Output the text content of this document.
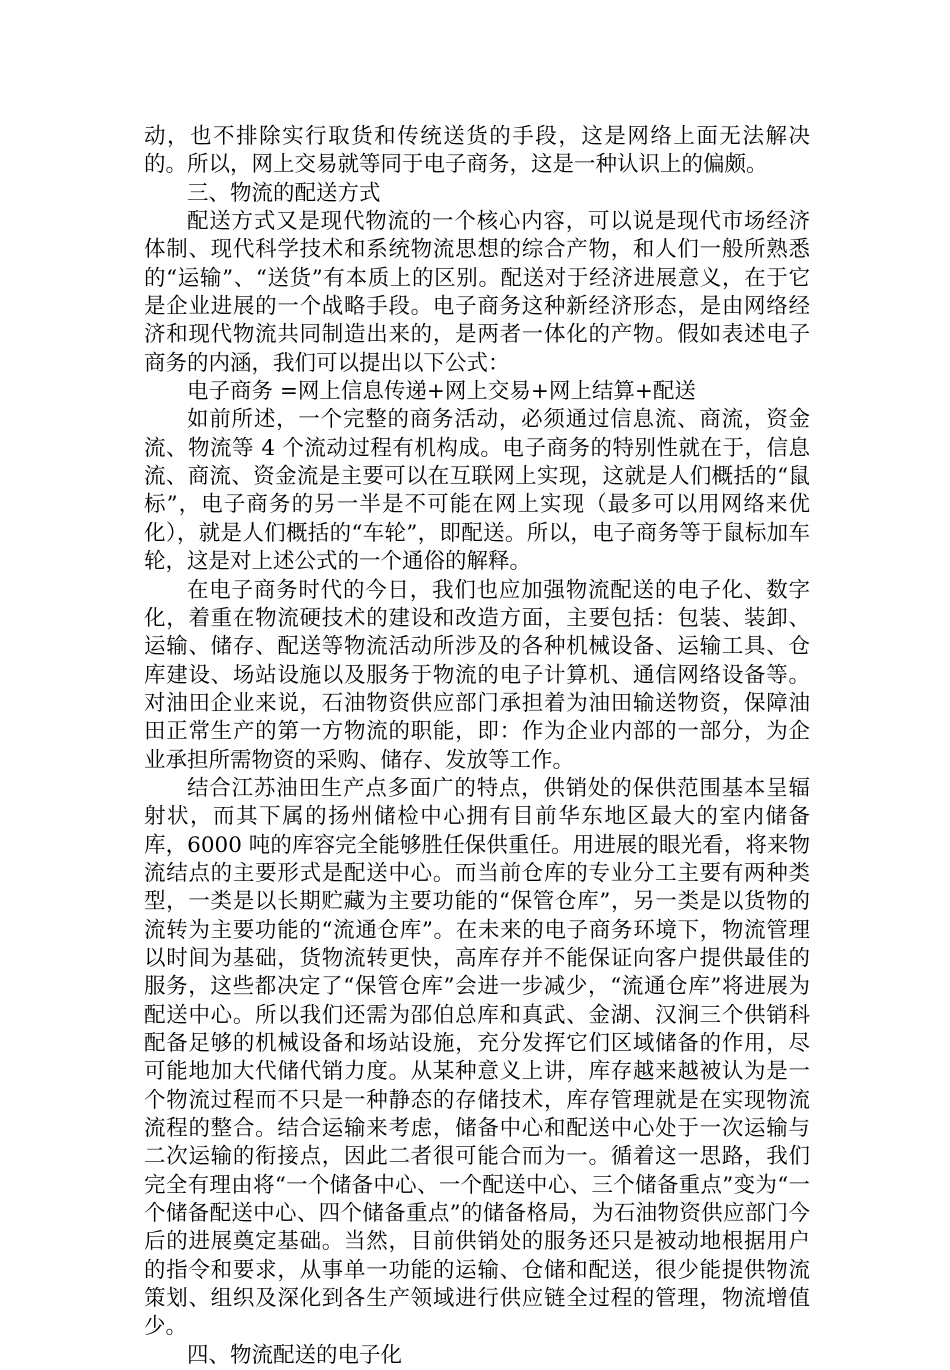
动，也不排除实行取货和传统送货的手段，这是网络上面无法解决的。所以，网上交易就等同于电子商务，这是一种认识上的偏颇。

三、物流的配送方式

配送方式又是现代物流的一个核心内容，可以说是现代市场经济体制、现代科学技术和系统物流思想的综合产物，和人们一般所熟悉的“运输”、“送货”有本质上的区别。配送对于经济进展意义，在于它是企业进展的一个战略手段。电子商务这种新经济形态，是由网络经济和现代物流共同制造出来的，是两者一体化的产物。假如表述电子商务的内涵，我们可以提出以下公式：

电子商务 =网上信息传递+网上交易+网上结算+配送

如前所述，一个完整的商务活动，必须通过信息流、商流，资金流、物流等 4 个流动过程有机构成。电子商务的特别性就在于，信息流、商流、资金流是主要可以在互联网上实现，这就是人们概括的“鼠标”，电子商务的另一半是不可能在网上实现（最多可以用网络来优化），就是人们概括的“车轮”，即配送。所以，电子商务等于鼠标加车轮，这是对上述公式的一个通俗的解释。

在电子商务时代的今日，我们也应加强物流配送的电子化、数字化，着重在物流硬技术的建设和改造方面，主要包括：包装、装卸、运输、储存、配送等物流活动所涉及的各种机械设备、运输工具、仓库建设、场站设施以及服务于物流的电子计算机、通信网络设备等。对油田企业来说，石油物资供应部门承担着为油田输送物资，保障油田正常生产的第一方物流的职能，即：作为企业内部的一部分，为企业承担所需物资的采购、储存、发放等工作。

结合江苏油田生产点多面广的特点，供销处的保供范围基本呈辐射状，而其下属的扬州储检中心拥有目前华东地区最大的室内储备库，6000 吨的库容完全能够胜任保供重任。用进展的眼光看，将来物流结点的主要形式是配送中心。而当前仓库的专业分工主要有两种类型，一类是以长期贮藏为主要功能的“保管仓库”，另一类是以货物的流转为主要功能的“流通仓库”。在未来的电子商务环境下，物流管理以时间为基础，货物流转更快，高库存并不能保证向客户提供最佳的服务，这些都决定了“保管仓库”会进一步减少，“流通仓库”将进展为配送中心。所以我们还需为邵伯总库和真武、金湖、汉涧三个供销科配备足够的机械设备和场站设施，充分发挥它们区域储备的作用，尽可能地加大代储代销力度。从某种意义上讲，库存越来越被认为是一个物流过程而不只是一种静态的存储技术，库存管理就是在实现物流流程的整合。结合运输来考虑，储备中心和配送中心处于一次运输与二次运输的衔接点，因此二者很可能合而为一。循着这一思路，我们完全有理由将“一个储备中心、一个配送中心、三个储备重点”变为“一个储备配送中心、四个储备重点”的储备格局，为石油物资供应部门今后的进展奠定基础。当然，目前供销处的服务还只是被动地根据用户的指令和要求，从事单一功能的运输、仓储和配送，很少能提供物流策划、组织及深化到各生产领域进行供应链全过程的管理，物流增值少。

四、物流配送的电子化
